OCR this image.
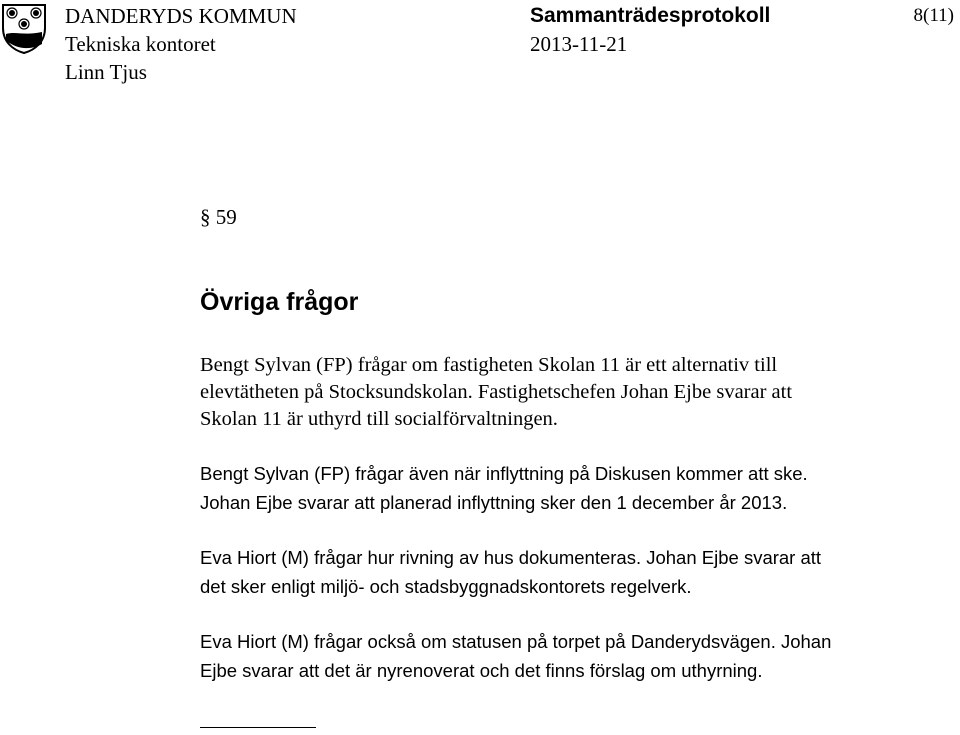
DANDERYDS KOMMUN
Tekniska kontoret
Linn Tjus
Sammanträdesprotokoll
2013-11-21
8(11)
§ 59
Övriga frågor
Bengt Sylvan (FP) frågar om fastigheten Skolan 11 är ett alternativ till
elevtätheten på Stocksundskolan. Fastighetschefen Johan Ejbe svarar att
Skolan 11 är uthyrd till socialförvaltningen.
Bengt Sylvan (FP) frågar även när inflyttning på Diskusen kommer att ske.
Johan Ejbe svarar att planerad inflyttning sker den 1 december år 2013.
Eva Hiort (M) frågar hur rivning av hus dokumenteras. Johan Ejbe svarar att
det sker enligt miljö- och stadsbyggnadskontorets regelverk.
Eva Hiort (M) frågar också om statusen på torpet på Danderydsvägen. Johan
Ejbe svarar att det är nyrenoverat och det finns förslag om uthyrning.
